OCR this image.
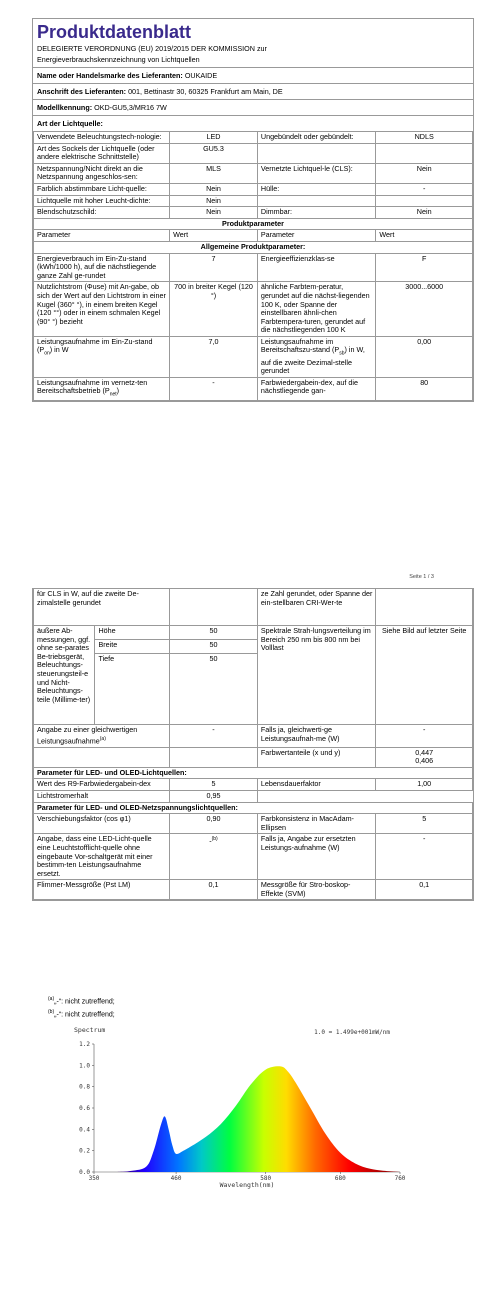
Produktdatenblatt
DELEGIERTE VERORDNUNG (EU) 2019/2015 DER KOMMISSION zur
Energieverbrauchskennzeichnung von Lichtquellen
Name oder Handelsmarke des Lieferanten: OUKAIDE
Anschrift des Lieferanten: 001, Bettinastr 30, 60325 Frankfurt am Main, DE
Modellkennung: OKD-GU5,3/MR16 7W
Art der Lichtquelle:
Verwendete Beleuchtungstech-nologie:	LED	Ungebündelt oder gebündelt:	NDLS
Art des Sockels der Lichtquelle (oder andere elektrische Schnittstelle)	GU5.3		
Netzspannung/Nicht direkt an die Netzspannung angeschlos-sen:	MLS	Vernetzte Lichtquel-le (CLS):	Nein
Farblich abstimmbare Licht-quelle:	Nein	Hülle:	-
Lichtquelle mit hoher Leucht-dichte:	Nein		
Blendschutzschild:	Nein	Dimmbar:	Nein
Produktparameter			
Parameter	Wert	Parameter	Wert
Allgemeine Produktparameter:			
Energieverbrauch im Ein-Zu-stand (kWh/1000 h), auf die nächstliegende ganze Zahl ge-rundet	7	Energieeffizienzklas-se	F
Nutzlichtstrom (Φuse) mit An-gabe, ob sich der Wert auf den Lichtstrom in einer Kugel (360° °), in einem breiten Kegel (120 °°) oder in einem schmalen Kegel (90° °) bezieht	700 in breiter Kegel (120 °)	ähnliche Farbtem-peratur, gerundet auf die nächst-liegenden 100 K, oder Spanne der einstellbaren ähnli-chen Farbtempera-turen, gerundet auf die nächstliegenden 100 K	3000...6000
Leistungsaufnahme im Ein-Zu-stand $(P_{on})$ in W	7,0	Leistungsaufnahme im Bereitschaftszu-stand $(P_{sb})$ in W, auf die zweite Dezimal-stelle gerundet	0,00
Leistungsaufnahme im vernetz-ten Bereitschaftsbetrieb $(P_{net})$	-	Farbwiedergabein-dex, auf die nächstliegende gan-	80
Seite 1 / 3
für CLS in W, auf die zweite De-zimalstelle gerundet			ze Zahl gerundet, oder Spanne der ein-stellbaren CRI-Wer-te	
äußere Ab-messungen, ggf. ohne se-parates Be-triebsgerät, Beleuchtungs-steuerungsteil-e und Nicht-Beleuchtungs-teile (Millime-ter)	Höhe	50	Spektrale Strah-lungsverteilung im Bereich 250 nm bis 800 nm bei Volllast	Siehe Bild auf letzter Seite
	Breite	50		
	Tiefe	50		
Angabe zu einer gleichwertigen Leistungsaufnahme$^{(a)}$		-	Falls ja, gleichwerti-ge Leistungsaufnah-me (W)	-
			Farbwertanteile (x und y)	0,447
0,406

Parameter für LED- und OLED-Lichtquellen:				
Wert des R9-Farbwiedergabein-dex		5	Lebensdauerfaktor	1,00
Lichtstromerhalt		0,95		
Parameter für LED- und OLED-Netzspannungslichtquellen:				
Verschiebungsfaktor (cos φ1)		0,90	Farbkonsistenz in MacAdam-Ellipsen	5
Angabe, dass eine LED-Licht-quelle eine Leuchtstofflicht-quelle ohne eingebaute Vor-schaltgerät mit einer bestimm-ten Leistungsaufnahme ersetzt.		-$^{(b)}$	Falls ja, Angabe zur ersetzten Leistungs-aufnahme (W)	-
Flimmer-Messgröße (Pst LM)		0,1	Messgröße für Stro-boskop-Effekte (SVM)	0,1
$^{(a)}$„-“: nicht zutreffend;
$^{(b)}$„-“: nicht zutreffend;
0.0
0.2
0.4
0.6
0.8
1.0
1.2
350	460	580	680	760
Spectrum
Wavelength(nm)
1.0 = 1.499e+001mW/nm
